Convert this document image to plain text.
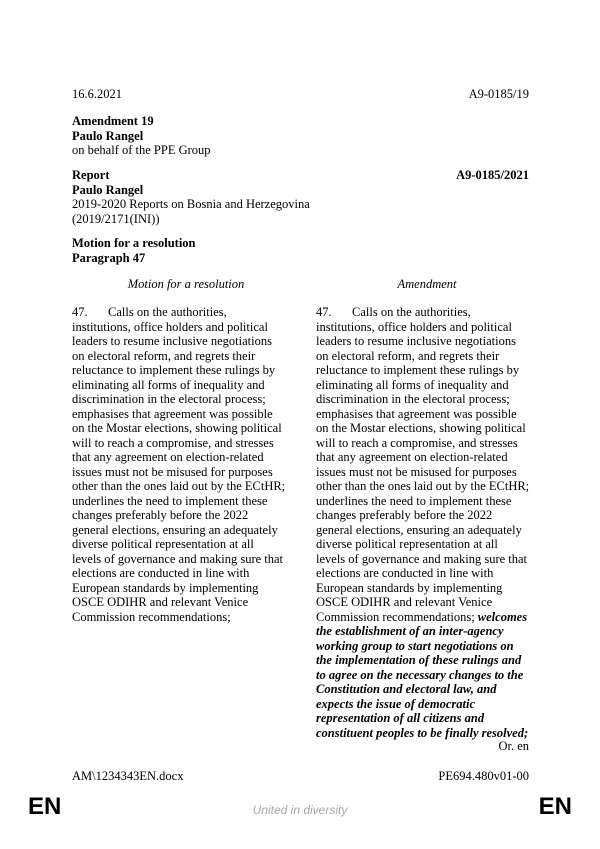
16.6.2021	A9-0185/19
Amendment 19
Paulo Rangel
on behalf of the PPE Group
Report
Paulo Rangel
2019-2020 Reports on Bosnia and Herzegovina (2019/2171(INI))
A9-0185/2021
Motion for a resolution
Paragraph 47
Motion for a resolution	Amendment
47. Calls on the authorities, institutions, office holders and political leaders to resume inclusive negotiations on electoral reform, and regrets their reluctance to implement these rulings by eliminating all forms of inequality and discrimination in the electoral process; emphasises that agreement was possible on the Mostar elections, showing political will to reach a compromise, and stresses that any agreement on election-related issues must not be misused for purposes other than the ones laid out by the ECtHR; underlines the need to implement these changes preferably before the 2022 general elections, ensuring an adequately diverse political representation at all levels of governance and making sure that elections are conducted in line with European standards by implementing OSCE ODIHR and relevant Venice Commission recommendations;
47. Calls on the authorities, institutions, office holders and political leaders to resume inclusive negotiations on electoral reform, and regrets their reluctance to implement these rulings by eliminating all forms of inequality and discrimination in the electoral process; emphasises that agreement was possible on the Mostar elections, showing political will to reach a compromise, and stresses that any agreement on election-related issues must not be misused for purposes other than the ones laid out by the ECtHR; underlines the need to implement these changes preferably before the 2022 general elections, ensuring an adequately diverse political representation at all levels of governance and making sure that elections are conducted in line with European standards by implementing OSCE ODIHR and relevant Venice Commission recommendations; welcomes the establishment of an inter-agency working group to start negotiations on the implementation of these rulings and to agree on the necessary changes to the Constitution and electoral law, and expects the issue of democratic representation of all citizens and constituent peoples to be finally resolved;
Or. en
AM\1234343EN.docx	PE694.480v01-00
EN	United in diversity	EN
